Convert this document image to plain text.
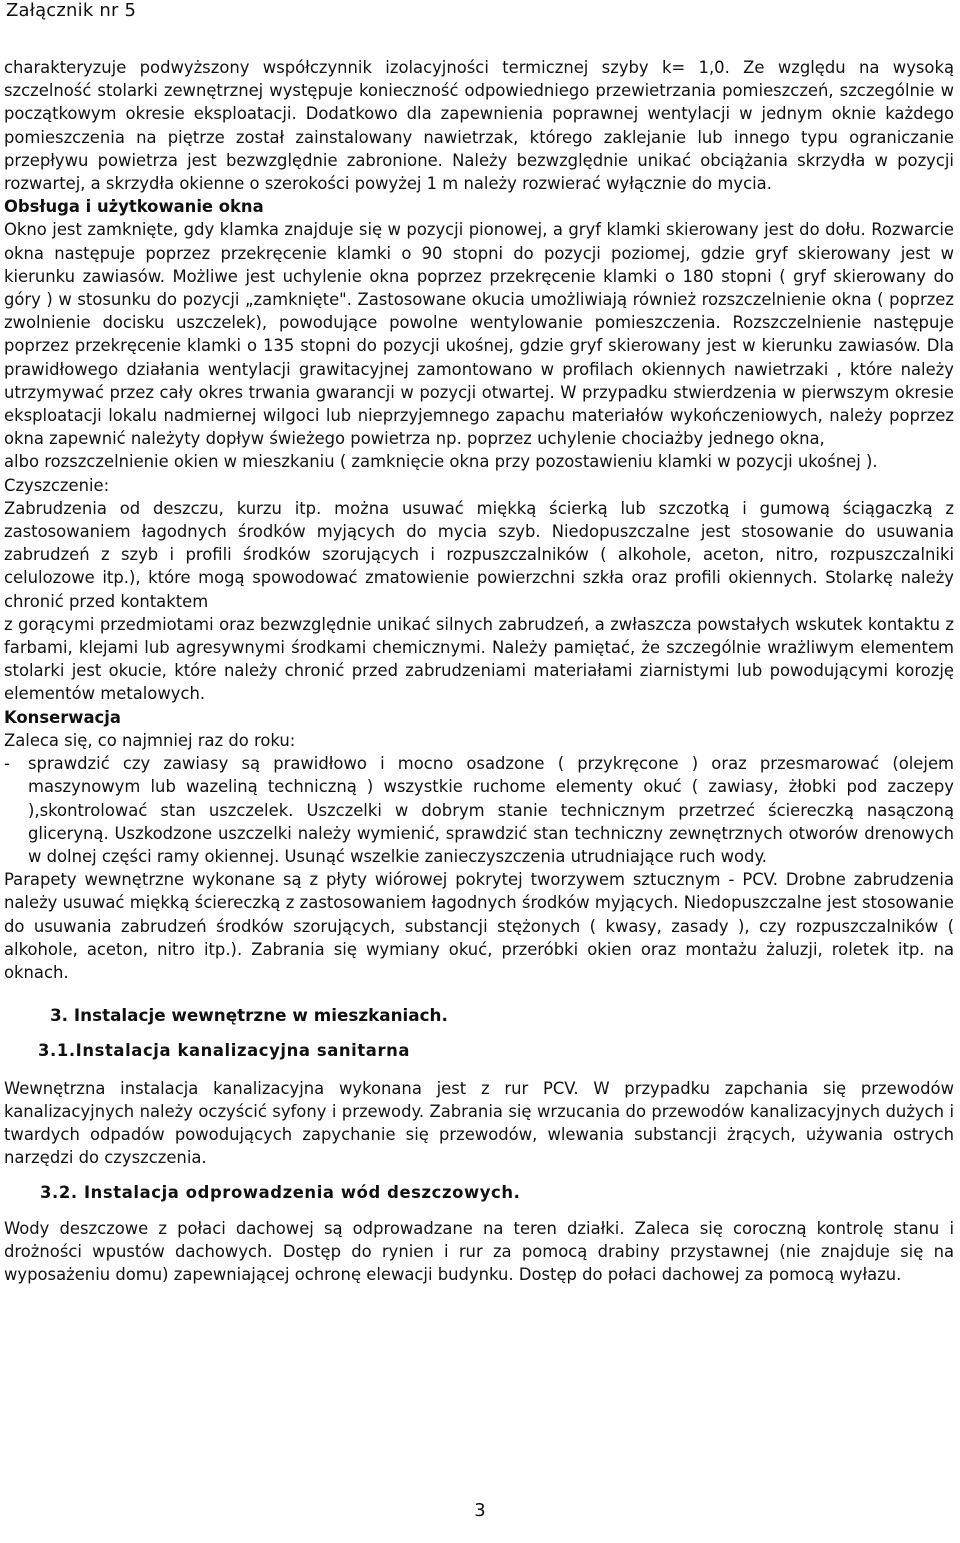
Załącznik nr 5

charakteryzuje podwyższony współczynnik izolacyjności termicznej szyby k= 1,0. Ze względu na wysoką szczelność stolarki zewnętrznej występuje konieczność odpowiedniego przewietrzania pomieszczeń, szczególnie w początkowym okresie eksploatacji. Dodatkowo dla zapewnienia poprawnej wentylacji w jednym oknie każdego pomieszczenia na piętrze został zainstalowany nawietrzak, którego zaklejanie lub innego typu ograniczanie przepływu powietrza jest bezwzględnie zabronione. Należy bezwzględnie unikać obciążania skrzydła w pozycji rozwartej, a skrzydła okienne o szerokości powyżej 1 m należy rozwierać wyłącznie do mycia.

Obsługa i użytkowanie okna

Okno jest zamknięte, gdy klamka znajduje się w pozycji pionowej, a gryf klamki skierowany jest do dołu. Rozwarcie okna następuje poprzez przekręcenie klamki o 90 stopni do pozycji poziomej, gdzie gryf skierowany jest w kierunku zawiasów. Możliwe jest uchylenie okna poprzez przekręcenie klamki o 180 stopni ( gryf skierowany do góry ) w stosunku do pozycji „zamknięte". Zastosowane okucia umożliwiają również rozszczelnienie okna ( poprzez zwolnienie docisku uszczelek), powodujące powolne wentylowanie pomieszczenia. Rozszczelnienie następuje poprzez przekręcenie klamki o 135 stopni do pozycji ukośnej, gdzie gryf skierowany jest w kierunku zawiasów. Dla prawidłowego działania wentylacji grawitacyjnej zamontowano w profilach okiennych nawietrzaki , które należy utrzymywać przez cały okres trwania gwarancji w pozycji otwartej. W przypadku stwierdzenia w pierwszym okresie eksploatacji lokalu nadmiernej wilgoci lub nieprzyjemnego zapachu materiałów wykończeniowych, należy poprzez okna zapewnić należyty dopływ świeżego powietrza np. poprzez uchylenie chociażby jednego okna,

albo rozszczelnienie okien w mieszkaniu ( zamknięcie okna przy pozostawieniu klamki w pozycji ukośnej ).

Czyszczenie:

Zabrudzenia od deszczu, kurzu itp. można usuwać miękką ścierką lub szczotką i gumową ściągaczką z zastosowaniem łagodnych środków myjących do mycia szyb. Niedopuszczalne jest stosowanie do usuwania zabrudzeń z szyb i profili środków szorujących i rozpuszczalników ( alkohole, aceton, nitro, rozpuszczalniki celulozowe itp.), które mogą spowodować zmatowienie powierzchni szkła oraz profili okiennych. Stolarkę należy chronić przed kontaktem

z gorącymi przedmiotami oraz bezwzględnie unikać silnych zabrudzeń, a zwłaszcza powstałych wskutek kontaktu z farbami, klejami lub agresywnymi środkami chemicznymi. Należy pamiętać, że szczególnie wrażliwym elementem stolarki jest okucie, które należy chronić przed zabrudzeniami materiałami ziarnistymi lub powodującymi korozję elementów metalowych.

Konserwacja

Zaleca się, co najmniej raz do roku:

- sprawdzić czy zawiasy są prawidłowo i mocno osadzone ( przykręcone ) oraz przesmarować (olejem maszynowym lub wazeliną techniczną ) wszystkie ruchome elementy okuć ( zawiasy, żłobki pod zaczepy ),skontrolować stan uszczelek. Uszczelki w dobrym stanie technicznym przetrzeć ściereczką nasączoną gliceryną. Uszkodzone uszczelki należy wymienić, sprawdzić stan techniczny zewnętrznych otworów drenowych w dolnej części ramy okiennej. Usunąć wszelkie zanieczyszczenia utrudniające ruch wody.

Parapety wewnętrzne wykonane są z płyty wiórowej pokrytej tworzywem sztucznym - PCV. Drobne zabrudzenia należy usuwać miękką ściereczką z zastosowaniem łagodnych środków myjących. Niedopuszczalne jest stosowanie do usuwania zabrudzeń środków szorujących, substancji stężonych ( kwasy, zasady ), czy rozpuszczalników ( alkohole, aceton, nitro itp.). Zabrania się wymiany okuć, przeróbki okien oraz montażu żaluzji, roletek itp. na oknach.

3. Instalacje wewnętrzne w mieszkaniach.

3.1.Instalacja kanalizacyjna sanitarna

Wewnętrzna instalacja kanalizacyjna wykonana jest z rur PCV. W przypadku zapchania się przewodów kanalizacyjnych należy oczyścić syfony i przewody. Zabrania się wrzucania do przewodów kanalizacyjnych dużych i twardych odpadów powodujących zapychanie się przewodów, wlewania substancji żrących, używania ostrych narzędzi do czyszczenia.

3.2. Instalacja odprowadzenia wód deszczowych.

Wody deszczowe z połaci dachowej są odprowadzane na teren działki. Zaleca się coroczną kontrolę stanu i drożności wpustów dachowych. Dostęp do rynien i rur za pomocą drabiny przystawnej (nie znajduje się na wyposażeniu domu) zapewniającej ochronę elewacji budynku. Dostęp do połaci dachowej za pomocą wyłazu.

3
